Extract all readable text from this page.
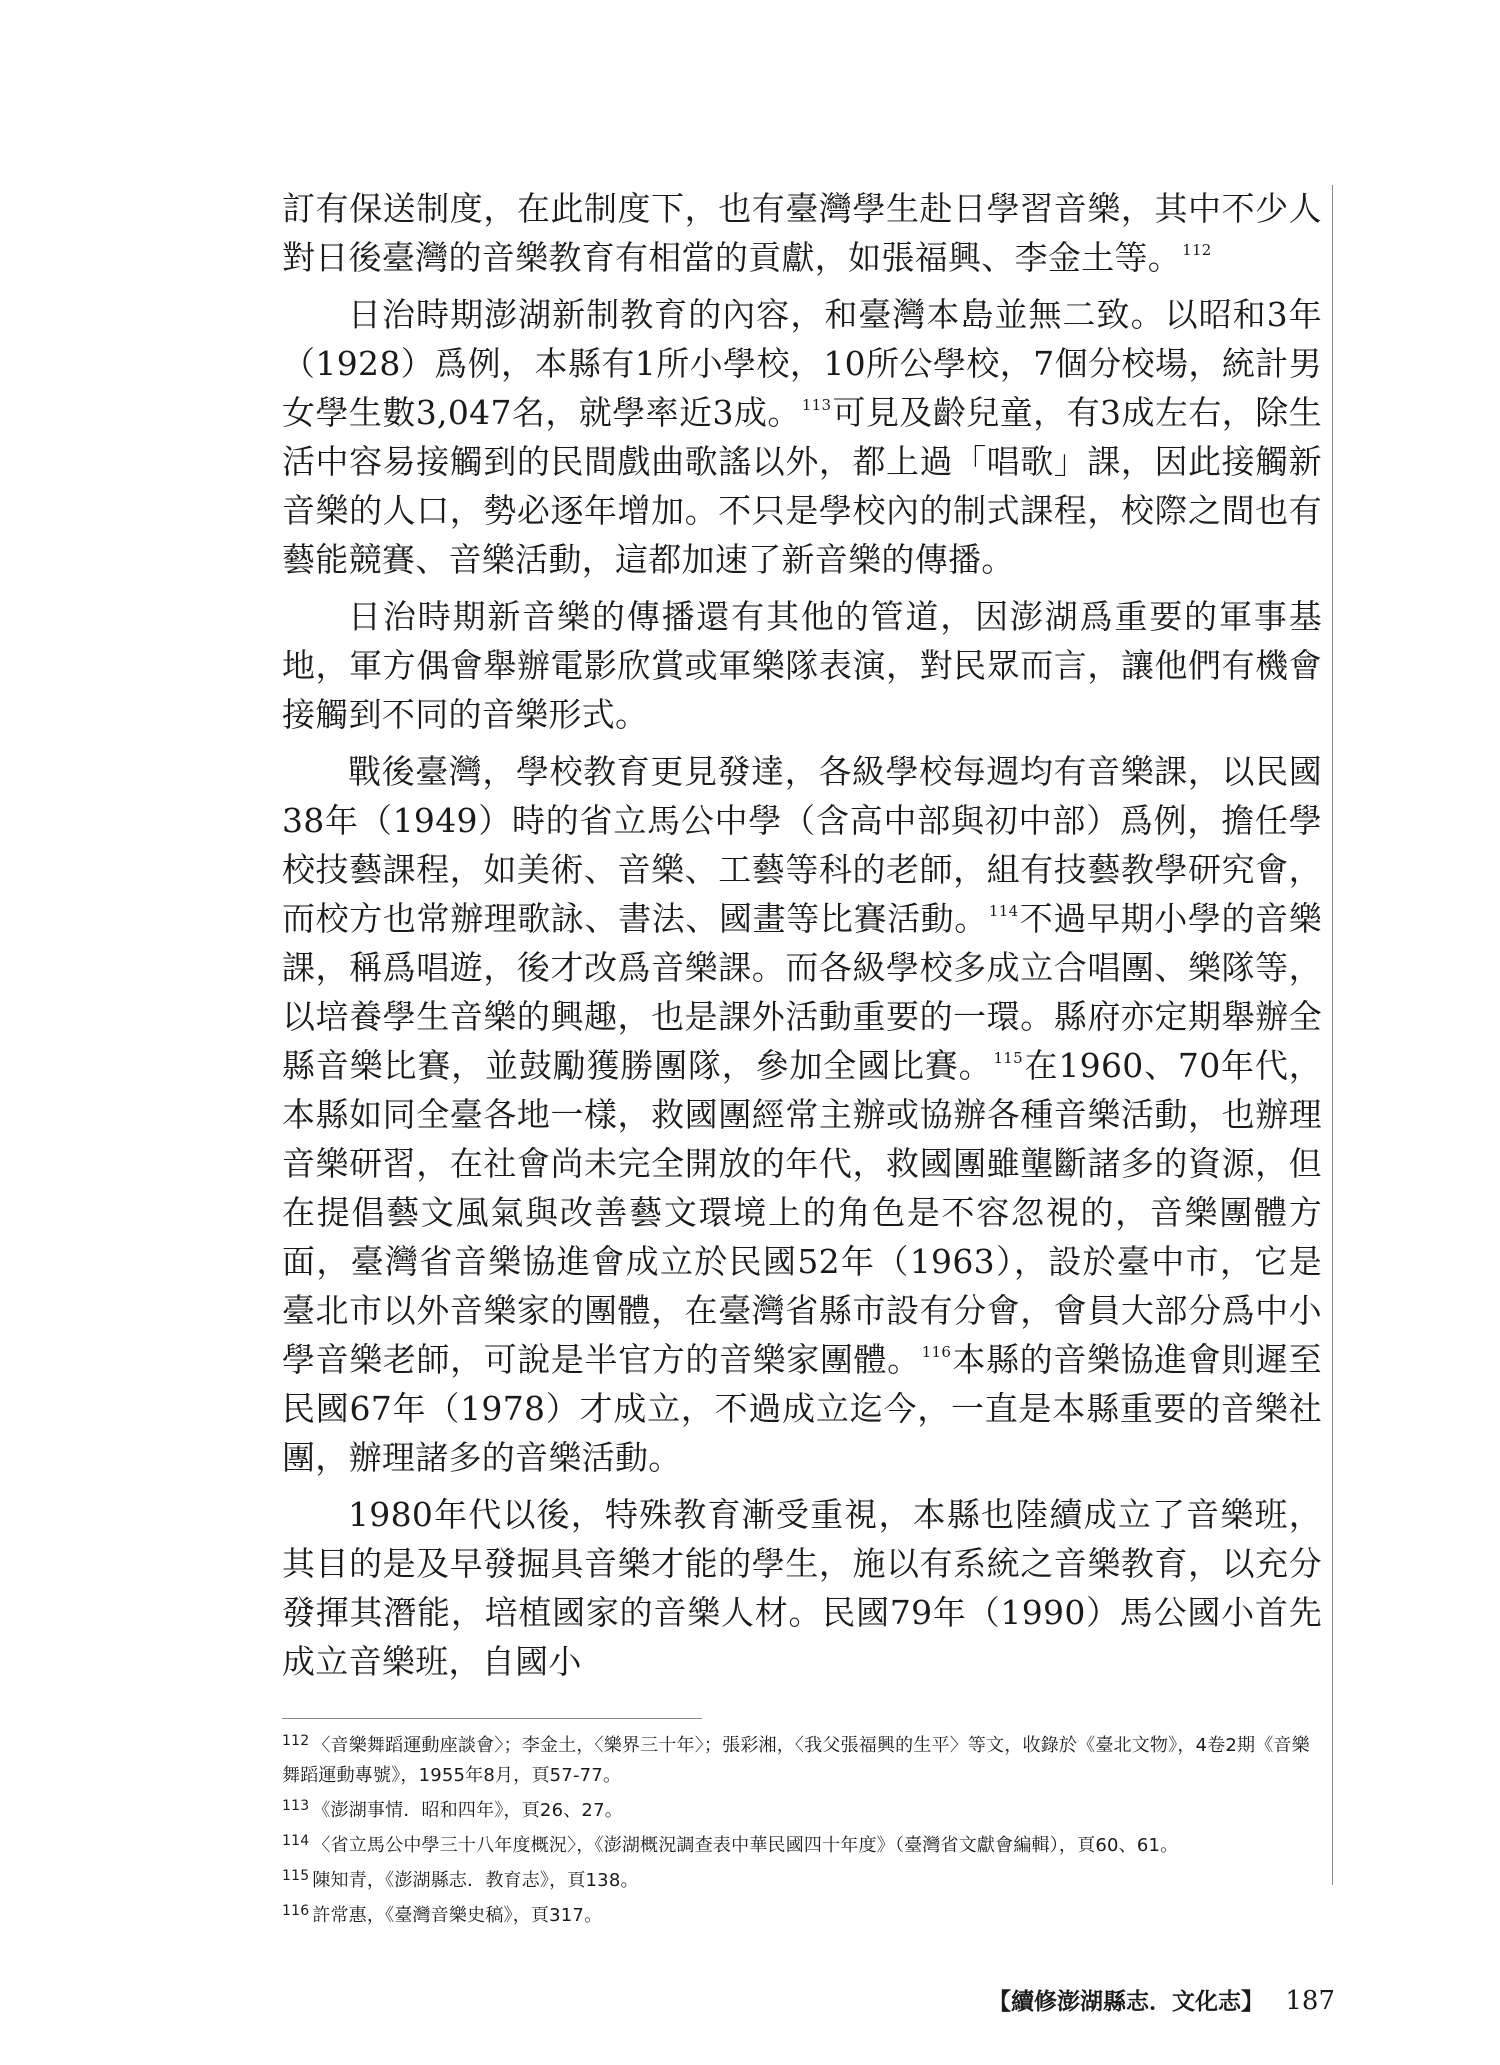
訂有保送制度，在此制度下，也有臺灣學生赴日學習音樂，其中不少人對日後臺灣的音樂教育有相當的貢獻，如張福興、李金土等。$^{112}$

日治時期澎湖新制教育的內容，和臺灣本島並無二致。以昭和3年（1928）爲例，本縣有1所小學校，10所公學校，7個分校場，統計男女學生數3,047名，就學率近3成。$^{113}$可見及齡兒童，有3成左右，除生活中容易接觸到的民間戲曲歌謠以外，都上過「唱歌」課，因此接觸新音樂的人口，勢必逐年增加。不只是學校內的制式課程，校際之間也有藝能競賽、音樂活動，這都加速了新音樂的傳播。

日治時期新音樂的傳播還有其他的管道，因澎湖爲重要的軍事基地，軍方偶會舉辦電影欣賞或軍樂隊表演，對民眾而言，讓他們有機會接觸到不同的音樂形式。

戰後臺灣，學校教育更見發達，各級學校每週均有音樂課，以民國38年（1949）時的省立馬公中學（含高中部與初中部）爲例，擔任學校技藝課程，如美術、音樂、工藝等科的老師，組有技藝教學研究會，而校方也常辦理歌詠、書法、國畫等比賽活動。$^{114}$不過早期小學的音樂課，稱爲唱遊，後才改爲音樂課。而各級學校多成立合唱團、樂隊等，以培養學生音樂的興趣，也是課外活動重要的一環。縣府亦定期舉辦全縣音樂比賽，並鼓勵獲勝團隊，參加全國比賽。$^{115}$在1960、70年代，本縣如同全臺各地一樣，救國團經常主辦或協辦各種音樂活動，也辦理音樂研習，在社會尚未完全開放的年代，救國團雖壟斷諸多的資源，但在提倡藝文風氣與改善藝文環境上的角色是不容忽視的，音樂團體方面，臺灣省音樂協進會成立於民國52年（1963），設於臺中市，它是臺北市以外音樂家的團體，在臺灣省縣市設有分會，會員大部分爲中小學音樂老師，可說是半官方的音樂家團體。$^{116}$本縣的音樂協進會則遲至民國67年（1978）才成立，不過成立迄今，一直是本縣重要的音樂社團，辦理諸多的音樂活動。

1980年代以後，特殊教育漸受重視，本縣也陸續成立了音樂班，其目的是及早發掘具音樂才能的學生，施以有系統之音樂教育，以充分發揮其潛能，培植國家的音樂人材。民國79年（1990）馬公國小首先成立音樂班，自國小

$^{112}$ 〈音樂舞蹈運動座談會〉；李金土，〈樂界三十年〉；張彩湘，〈我父張福興的生平〉等文，收錄於《臺北文物》，4卷2期《音樂舞蹈運動專號》，1955年8月，頁57-77。

$^{113}$ 《澎湖事情．昭和四年》，頁26、27。

$^{114}$ 〈省立馬公中學三十八年度概況〉，《澎湖概況調查表中華民國四十年度》（臺灣省文獻會編輯），頁60、61。

$^{115}$ 陳知青，《澎湖縣志．教育志》，頁138。

$^{116}$ 許常惠，《臺灣音樂史稿》，頁317。

【續修澎湖縣志．文化志】 187
